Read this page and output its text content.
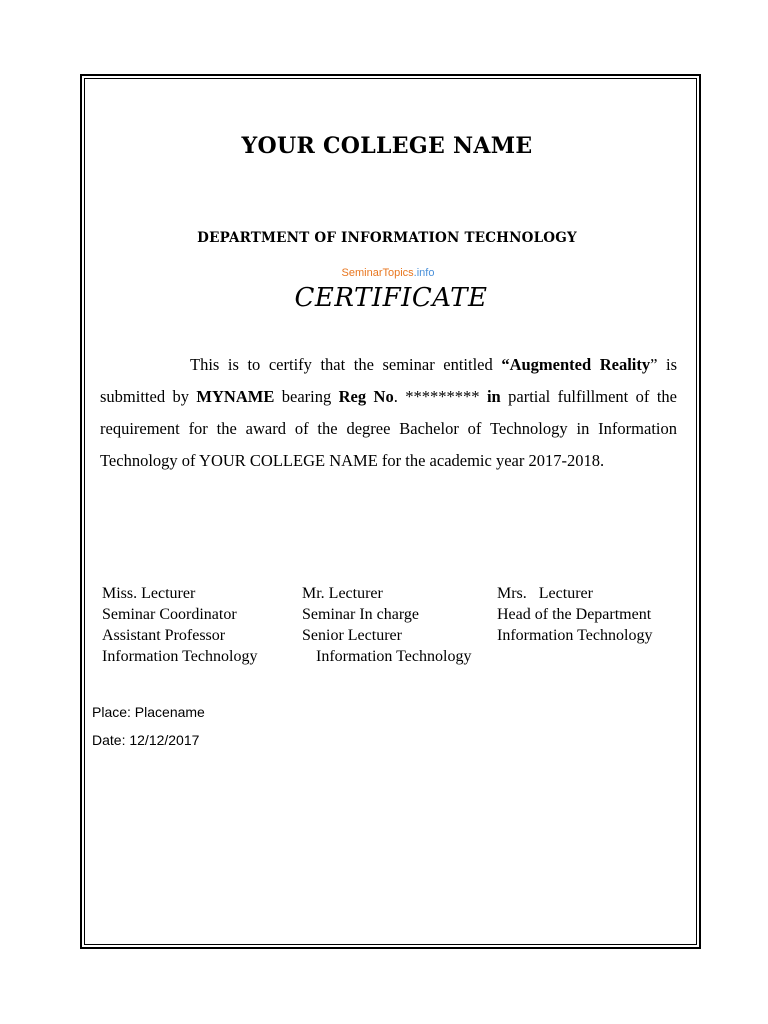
YOUR COLLEGE NAME
DEPARTMENT OF INFORMATION TECHNOLOGY
SeminarTopics.info
CERTIFICATE

This is to certify that the seminar entitled “Augmented Reality” is submitted by MYNAME bearing Reg No. ********* in partial fulfillment of the requirement for the award of the degree Bachelor of Technology in Information Technology of YOUR COLLEGE NAME for the academic year 2017-2018.

Miss. Lecturer
Seminar Coordinator
Assistant Professor
Information Technology
Mr. Lecturer
Seminar In charge
Senior Lecturer
Information Technology
Mrs.   Lecturer
Head of the Department
Information Technology
Place: Placename
Date: 12/12/2017
